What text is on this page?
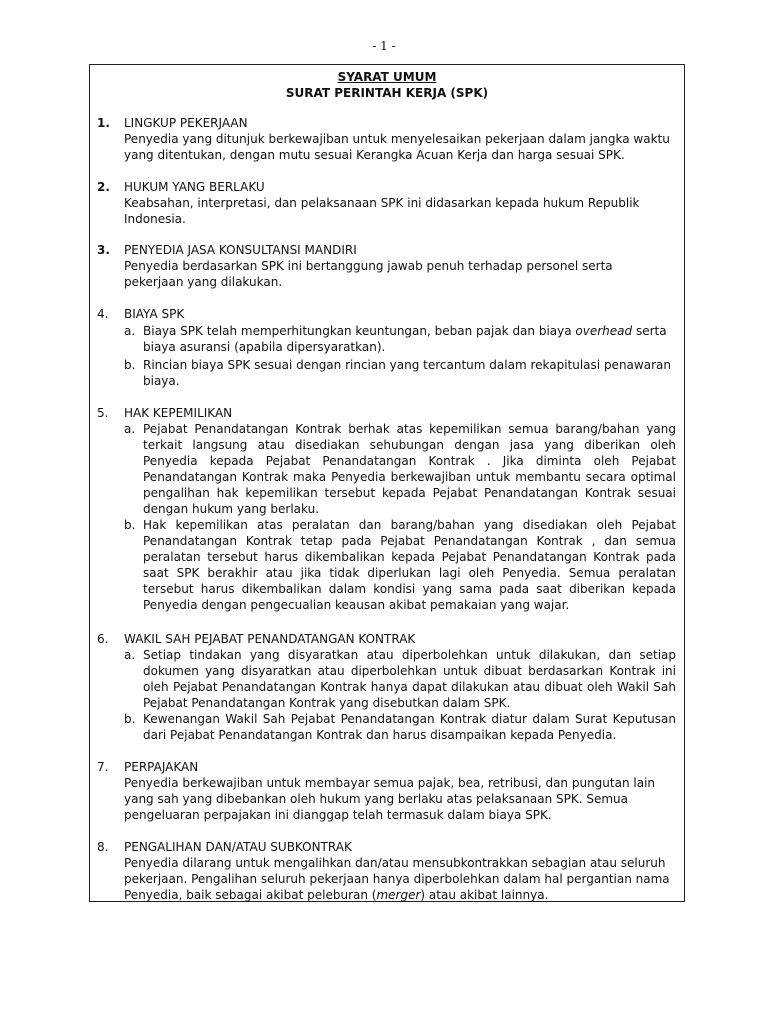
- 1 -
SYARAT UMUM
SURAT PERINTAH KERJA (SPK)
1. LINGKUP PEKERJAAN

Penyedia yang ditunjuk berkewajiban untuk menyelesaikan pekerjaan dalam jangka waktu yang ditentukan, dengan mutu sesuai Kerangka Acuan Kerja dan harga sesuai SPK.

2. HUKUM YANG BERLAKU

Keabsahan, interpretasi, dan pelaksanaan SPK ini didasarkan kepada hukum Republik Indonesia.

3. PENYEDIA JASA KONSULTANSI MANDIRI

Penyedia berdasarkan SPK ini bertanggung jawab penuh terhadap personel serta pekerjaan yang dilakukan.

4. BIAYA SPK
a. Biaya SPK telah memperhitungkan keuntungan, beban pajak dan biaya overhead serta biaya asuransi (apabila dipersyaratkan).
b. Rincian biaya SPK sesuai dengan rincian yang tercantum dalam rekapitulasi penawaran biaya.
5. HAK KEPEMILIKAN
a. Pejabat Penandatangan Kontrak berhak atas kepemilikan semua barang/bahan yang terkait langsung atau disediakan sehubungan dengan jasa yang diberikan oleh Penyedia kepada Pejabat Penandatangan Kontrak . Jika diminta oleh Pejabat Penandatangan Kontrak maka Penyedia berkewajiban untuk membantu secara optimal pengalihan hak kepemilikan tersebut kepada Pejabat Penandatangan Kontrak sesuai dengan hukum yang berlaku.
b. Hak kepemilikan atas peralatan dan barang/bahan yang disediakan oleh Pejabat Penandatangan Kontrak tetap pada Pejabat Penandatangan Kontrak , dan semua peralatan tersebut harus dikembalikan kepada Pejabat Penandatangan Kontrak pada saat SPK berakhir atau jika tidak diperlukan lagi oleh Penyedia. Semua peralatan tersebut harus dikembalikan dalam kondisi yang sama pada saat diberikan kepada Penyedia dengan pengecualian keausan akibat pemakaian yang wajar.
6. WAKIL SAH PEJABAT PENANDATANGAN KONTRAK
a. Setiap tindakan yang disyaratkan atau diperbolehkan untuk dilakukan, dan setiap dokumen yang disyaratkan atau diperbolehkan untuk dibuat berdasarkan Kontrak ini oleh Pejabat Penandatangan Kontrak hanya dapat dilakukan atau dibuat oleh Wakil Sah Pejabat Penandatangan Kontrak yang disebutkan dalam SPK.
b. Kewenangan Wakil Sah Pejabat Penandatangan Kontrak diatur dalam Surat Keputusan dari Pejabat Penandatangan Kontrak dan harus disampaikan kepada Penyedia.
7. PERPAJAKAN

Penyedia berkewajiban untuk membayar semua pajak, bea, retribusi, dan pungutan lain yang sah yang dibebankan oleh hukum yang berlaku atas pelaksanaan SPK. Semua pengeluaran perpajakan ini dianggap telah termasuk dalam biaya SPK.

8. PENGALIHAN DAN/ATAU SUBKONTRAK

Penyedia dilarang untuk mengalihkan dan/atau mensubkontrakkan sebagian atau seluruh pekerjaan. Pengalihan seluruh pekerjaan hanya diperbolehkan dalam hal pergantian nama Penyedia, baik sebagai akibat peleburan (merger) atau akibat lainnya.
